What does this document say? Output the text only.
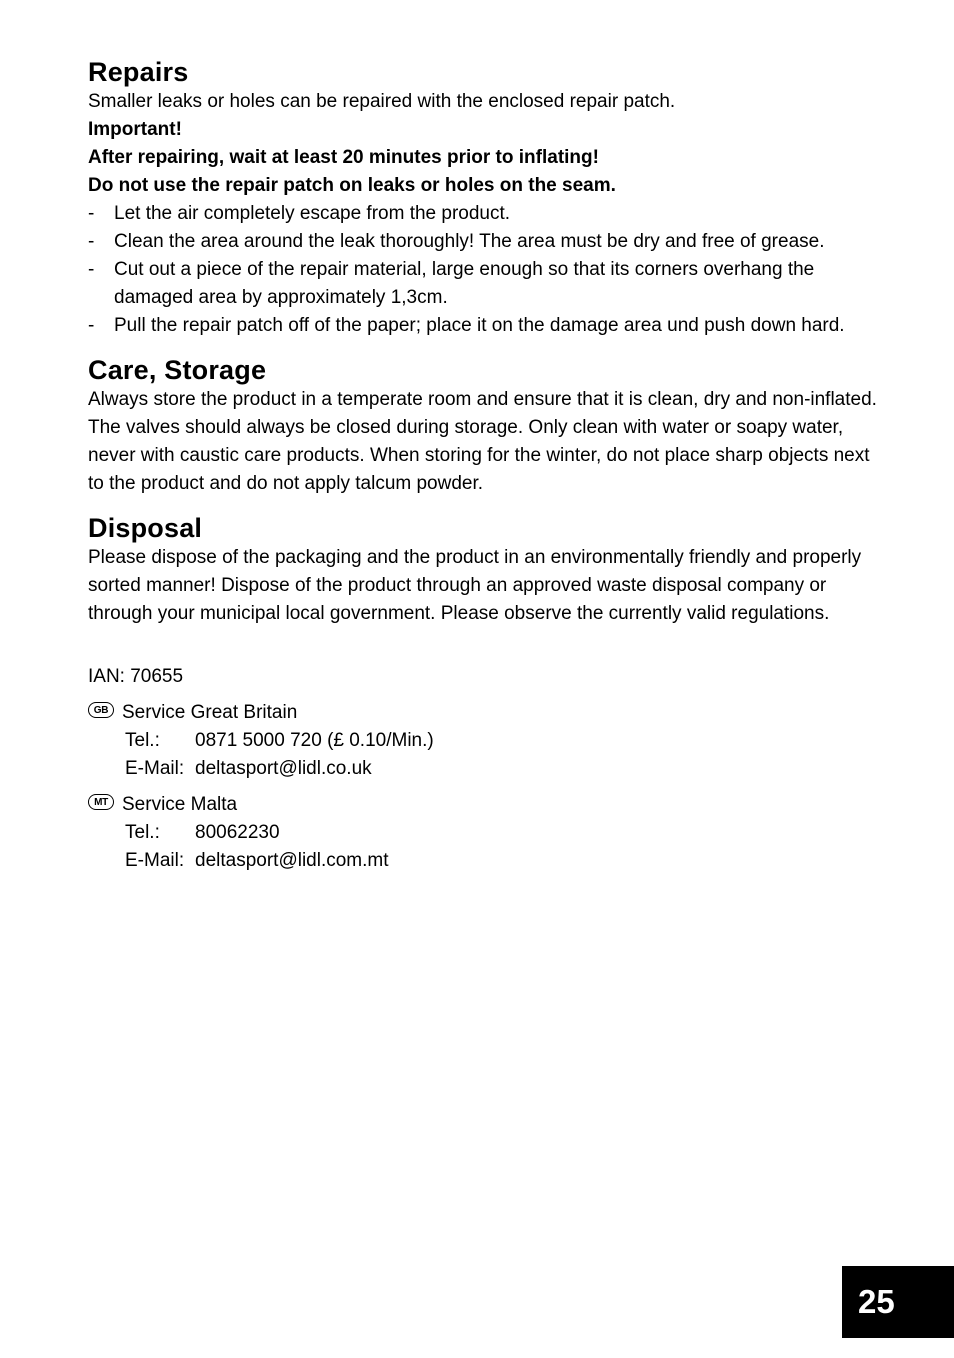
Repairs

Smaller leaks or holes can be repaired with the enclosed repair patch.

Important!

After repairing, wait at least 20 minutes prior to inflating!

Do not use the repair patch on leaks or holes on the seam.

- Let the air completely escape from the product.
- Clean the area around the leak thoroughly! The area must be dry and free of grease.
- Cut out a piece of the repair material, large enough so that its corners overhang the damaged area by approximately 1,3cm.
- Pull the repair patch off of the paper; place it on the damage area und push down hard.
Care, Storage

Always store the product in a temperate room and ensure that it is clean, dry and non-inflated. The valves should always be closed during storage. Only clean with water or soapy water, never with caustic care products. When storing for the winter, do not place sharp objects next to the product and do not apply talcum powder.

Disposal

Please dispose of the packaging and the product in an environmentally friendly and properly sorted manner! Dispose of the product through an approved waste disposal company or through your municipal local government. Please observe the currently valid regulations.

IAN: 70655

GB Service Great Britain
Tel.:	0871 5000 720 (£ 0.10/Min.)
E-Mail: deltasport@lidl.co.uk
MT Service Malta
Tel.:	80062230
E-Mail: deltasport@lidl.com.mt
25
